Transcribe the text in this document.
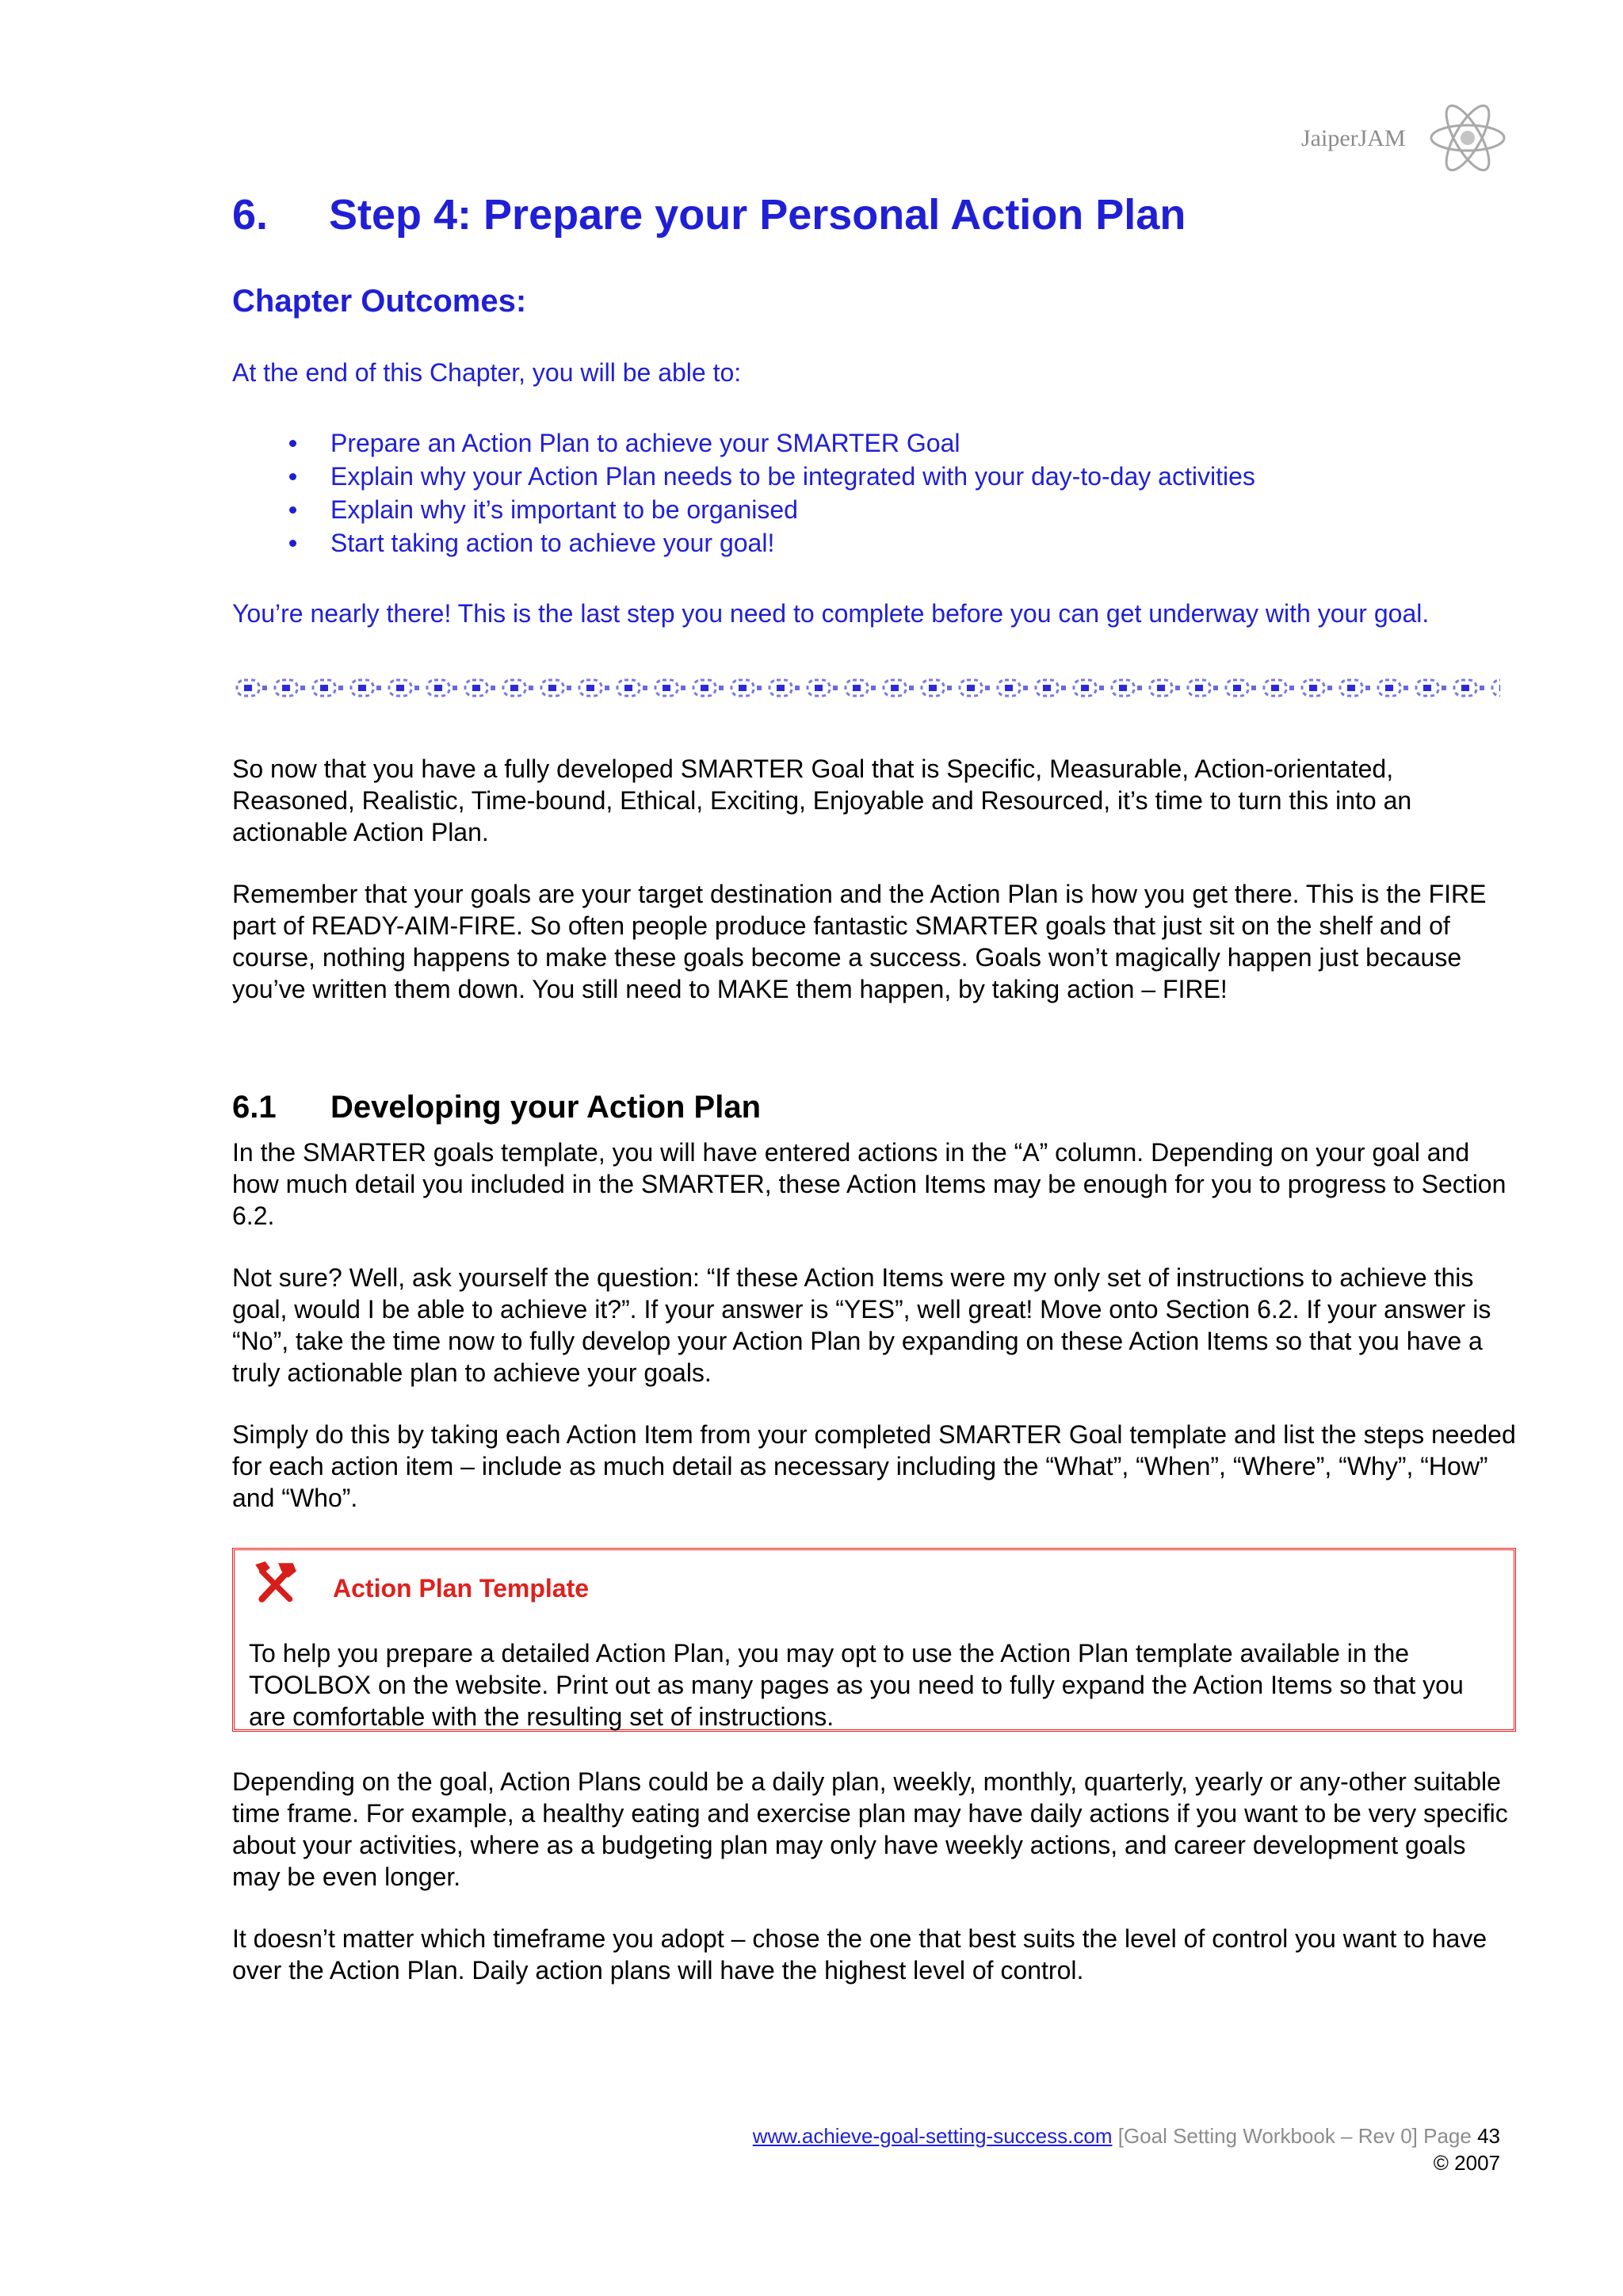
JaiperJAM
6. Step 4: Prepare your Personal Action Plan
Chapter Outcomes:
At the end of this Chapter, you will be able to:
Prepare an Action Plan to achieve your SMARTER Goal
Explain why your Action Plan needs to be integrated with your day-to-day activities
Explain why it’s important to be organised
Start taking action to achieve your goal!
You’re nearly there! This is the last step you need to complete before you can get underway with your goal.
So now that you have a fully developed SMARTER Goal that is Specific, Measurable, Action-orientated, Reasoned, Realistic, Time-bound, Ethical, Exciting, Enjoyable and Resourced, it’s time to turn this into an actionable Action Plan.
Remember that your goals are your target destination and the Action Plan is how you get there. This is the FIRE part of READY-AIM-FIRE. So often people produce fantastic SMARTER goals that just sit on the shelf and of course, nothing happens to make these goals become a success. Goals won’t magically happen just because you’ve written them down. You still need to MAKE them happen, by taking action – FIRE!
6.1 Developing your Action Plan
In the SMARTER goals template, you will have entered actions in the “A” column. Depending on your goal and how much detail you included in the SMARTER, these Action Items may be enough for you to progress to Section 6.2.
Not sure? Well, ask yourself the question: “If these Action Items were my only set of instructions to achieve this goal, would I be able to achieve it?”. If your answer is “YES”, well great! Move onto Section 6.2. If your answer is “No”, take the time now to fully develop your Action Plan by expanding on these Action Items so that you have a truly actionable plan to achieve your goals.
Simply do this by taking each Action Item from your completed SMARTER Goal template and list the steps needed for each action item – include as much detail as necessary including the “What”, “When”, “Where”, “Why”, “How” and “Who”.
Action Plan Template
To help you prepare a detailed Action Plan, you may opt to use the Action Plan template available in the TOOLBOX on the website. Print out as many pages as you need to fully expand the Action Items so that you are comfortable with the resulting set of instructions.
Depending on the goal, Action Plans could be a daily plan, weekly, monthly, quarterly, yearly or any-other suitable time frame. For example, a healthy eating and exercise plan may have daily actions if you want to be very specific about your activities, where as a budgeting plan may only have weekly actions, and career development goals may be even longer.
It doesn’t matter which timeframe you adopt – chose the one that best suits the level of control you want to have over the Action Plan. Daily action plans will have the highest level of control.
www.achieve-goal-setting-success.com [Goal Setting Workbook – Rev 0] Page 43
© 2007
